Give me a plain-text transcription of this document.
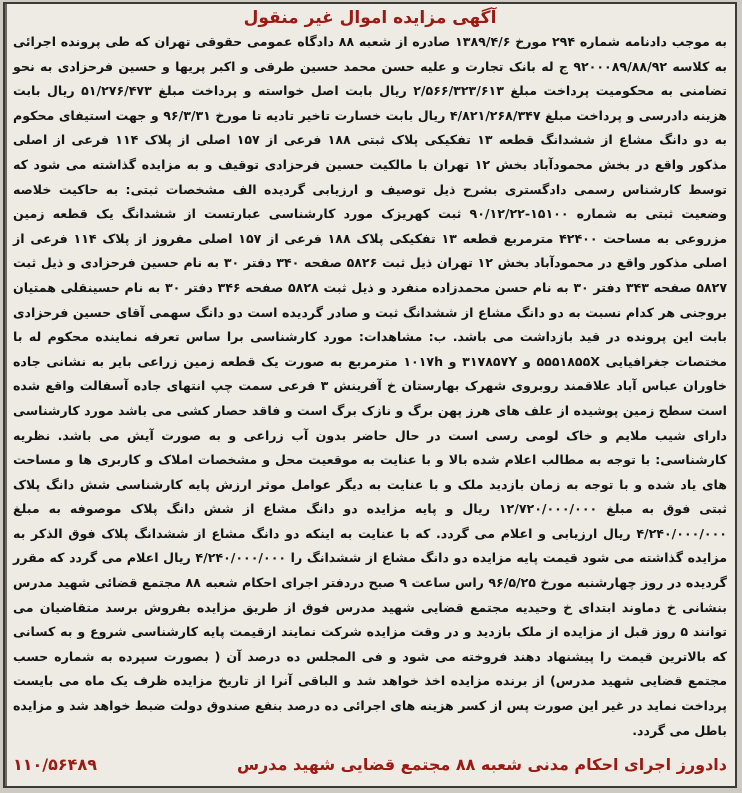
آگهی مزایده اموال غیر منقول

به موجب دادنامه شماره ۲۹۴ مورخ ۱۳۸۹/۴/۶ صادره از شعبه ۸۸ دادگاه عمومی حقوقی تهران که طی پرونده اجرائی به کلاسه ۹۲۰۰۰۸۹/۸۸/۹۲ ج له بانک تجارت و علیه حسن محمد حسین طرقی و اکبر پریها و حسین فرحزادی به نحو تضامنی به محکومیت پرداخت مبلغ ۲/۵۶۶/۳۲۳/۶۱۳ ریال بابت اصل خواسته و پرداخت مبلغ ۵۱/۲۷۶/۴۷۳ ریال بابت هزینه دادرسی و پرداخت مبلغ ۴/۸۲۱/۲۶۸/۳۴۷ ریال بابت خسارت تاخیر تادیه تا مورخ ۹۶/۳/۳۱ و جهت استیفای محکوم به دو دانگ مشاع از ششدانگ قطعه ۱۳ تفکیکی پلاک ثبتی ۱۸۸ فرعی از ۱۵۷ اصلی از پلاک ۱۱۴ فرعی از اصلی مذکور واقع در بخش محمودآباد بخش ۱۲ تهران با مالکیت حسین فرحزادی توقیف و به مزایده گذاشته می شود که توسط کارشناس رسمی دادگستری بشرح ذیل توصیف و ارزیابی گردیده الف مشخصات ثبتی: به حاکیت خلاصه وضعیت ثبتی به شماره ۱۵۱۰۰-۹۰/۱۲/۲۲ ثبت کهریزک مورد کارشناسی عبارتست از ششدانگ یک قطعه زمین مزروعی به مساحت ۴۲۴۰۰ مترمربع قطعه ۱۳ تفکیکی پلاک ۱۸۸ فرعی از ۱۵۷ اصلی مفروز از پلاک ۱۱۴ فرعی از اصلی مذکور واقع در محمودآباد بخش ۱۲ تهران ذیل ثبت ۵۸۲۶ صفحه ۳۴۰ دفتر ۳۰ به نام حسین فرحزادی و ذیل ثبت ۵۸۲۷ صفحه ۳۴۳ دفتر ۳۰ به نام حسن محمدزاده منفرد و ذیل ثبت ۵۸۲۸ صفحه ۳۴۶ دفتر ۳۰ به نام حسینقلی همتیان بروجنی هر کدام نسبت به دو دانگ مشاع از ششدانگ ثبت و صادر گردیده است دو دانگ سهمی آقای حسین فرحزادی بابت این پرونده در قید بازداشت می باشد. ب: مشاهدات: مورد کارشناسی برا ساس تعرفه نماینده محکوم له با مختصات جغرافیایی ۵۵۵۱۸۵۵X و ۳۱۷۸۵۷Y و ۱۰۱۷h مترمربع به صورت یک قطعه زمین زراعی بایر به نشانی جاده خاوران عباس آباد علاقمند روبروی شهرک بهارستان خ آفرینش ۳ فرعی سمت چپ انتهای جاده آسفالت واقع شده است سطح زمین پوشیده از علف های هرز پهن برگ و نازک برگ است و فاقد حصار کشی می باشد مورد کارشناسی دارای شیب ملایم و خاک لومی رسی است در حال حاضر بدون آب زراعی و به صورت آیش می باشد. نظریه کارشناسی: با توجه به مطالب اعلام شده بالا و با عنایت به موقعیت محل و مشخصات املاک و کاربری ها و مساحت های یاد شده و با توجه به زمان بازدید ملک و با عنایت به دیگر عوامل موثر ارزش پایه کارشناسی شش دانگ پلاک ثبتی فوق به مبلغ ۱۲/۷۲۰/۰۰۰/۰۰۰ ریال و پایه مزایده دو دانگ مشاع از شش دانگ پلاک موصوفه به مبلغ ۴/۲۴۰/۰۰۰/۰۰۰ ریال ارزیابی و اعلام می گردد. که با عنایت به اینکه دو دانگ مشاع از ششدانگ پلاک فوق الذکر به مزایده گذاشته می شود قیمت پایه مزایده دو دانگ مشاع از ششدانگ را ۴/۲۴۰/۰۰۰/۰۰۰ ریال اعلام می گردد که مقرر گردیده در روز چهارشنبه مورخ ۹۶/۵/۲۵ راس ساعت ۹ صبح دردفتر اجرای احکام شعبه ۸۸ مجتمع قضائی شهید مدرس بنشانی خ دماوند ابتدای خ وحیدیه مجتمع قضایی شهید مدرس فوق از طریق مزایده بفروش برسد متقاضیان می توانند ۵ روز قبل از مزایده از ملک بازدید و در وقت مزایده شرکت نمایند ازقیمت پایه کارشناسی شروع و به کسانی که بالاترین قیمت را پیشنهاد دهند فروخته می شود و فی المجلس ده درصد آن ( بصورت سپرده به شماره حسب مجتمع قضایی شهید مدرس) از برنده مزایده اخذ خواهد شد و الباقی آنرا از تاریخ مزایده ظرف یک ماه می بایست پرداخت نماید در غیر این صورت پس از کسر هزینه های اجرائی ده درصد بنفع صندوق دولت ضبط خواهد شد و مزایده باطل می گردد.

۱۱۰/۵۶۴۸۹	دادورز اجرای احکام مدنی شعبه ۸۸ مجتمع قضایی شهید مدرس
